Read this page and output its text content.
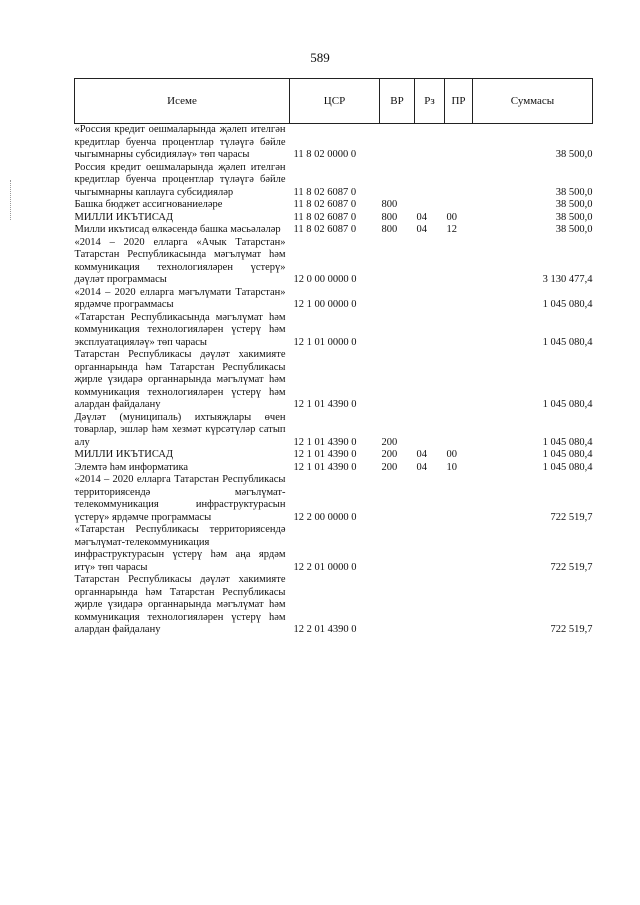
589
Исеме	ЦСР	ВР	Рз	ПР	Суммасы
«Россия кредит оешмаларында җәлеп ителгән кредитлар буенча процентлар түләүгә бәйле чыгымнарны субсидияләү» төп чарасы	11 8 02 0000 0				38 500,0
Россия кредит оешмаларында җәлеп ителгән кредитлар буенча процентлар түләүгә бәйле чыгымнарны каплауга субсидияләр	11 8 02 6087 0				38 500,0
Башка бюджет ассигнованиеләре	11 8 02 6087 0	800			38 500,0
МИЛЛИ ИКЪТИСАД	11 8 02 6087 0	800	04	00	38 500,0
Милли икътисад өлкәсендә башка мәсьәләләр	11 8 02 6087 0	800	04	12	38 500,0
«2014 – 2020 елларга «Ачык Татарстан» Татарстан Республикасында мәгълүмат һәм коммуникация технологияләрен үстерү» дәүләт программасы	12 0 00 0000 0				3 130 477,4
«2014 – 2020 елларга мәгълүмати Татарстан» ярдәмче программасы	12 1 00 0000 0				1 045 080,4
«Татарстан Республикасында мәгълүмат һәм коммуникация технологияләрен үстерү һәм эксплуатацияләү» төп чарасы	12 1 01 0000 0				1 045 080,4
Татарстан Республикасы дәүләт хакимияте органнарында һәм Татарстан Республикасы җирле үзидарә органнарында мәгълүмат һәм коммуникация технологияләрен үстерү һәм алардан файдалану	12 1 01 4390 0				1 045 080,4
Дәүләт (муниципаль) ихтыяҗлары өчен товарлар, эшләр һәм хезмәт күрсәтүләр сатып алу	12 1 01 4390 0	200			1 045 080,4
МИЛЛИ ИКЪТИСАД	12 1 01 4390 0	200	04	00	1 045 080,4
Элемтә һәм информатика	12 1 01 4390 0	200	04	10	1 045 080,4
«2014 – 2020 елларга Татарстан Республикасы территориясендә мәгълүмат-телекоммуникация инфраструктурасын үстерү» ярдәмче программасы	12 2 00 0000 0				722 519,7
«Татарстан Республикасы территориясендә мәгълүмат-телекоммуникация инфраструктурасын үстерү һәм аңа ярдәм итү» төп чарасы	12 2 01 0000 0				722 519,7
Татарстан Республикасы дәүләт хакимияте органнарында һәм Татарстан Республикасы җирле үзидарә органнарында мәгълүмат һәм коммуникация технологияләрен үстерү һәм алардан файдалану	12 2 01 4390 0				722 519,7
